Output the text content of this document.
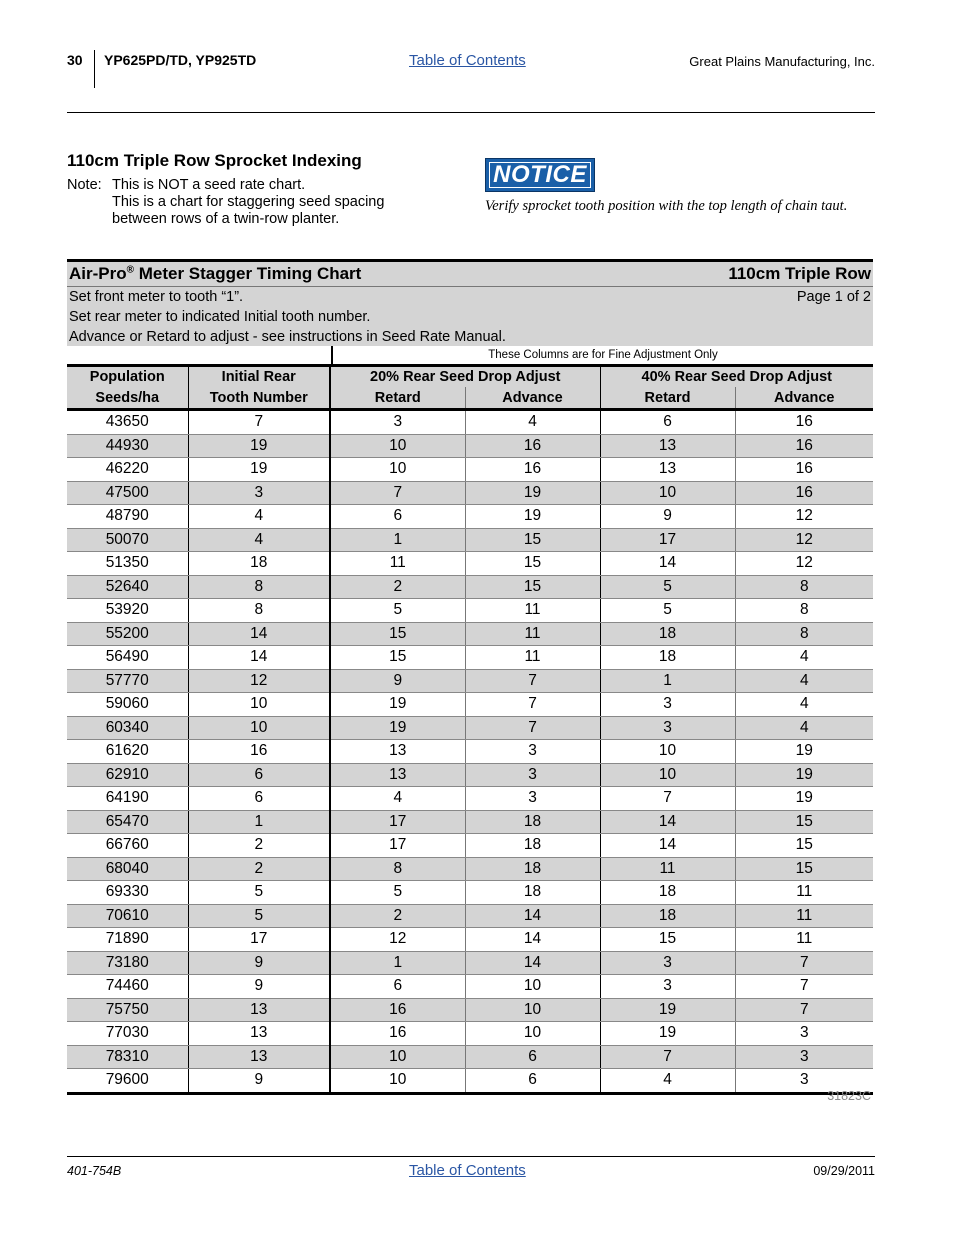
30 YP625PD/TD, YP925TD	Table of Contents	Great Plains Manufacturing, Inc.
110cm Triple Row Sprocket Indexing
Note: This is NOT a seed rate chart.
This is a chart for staggering seed spacing
between rows of a twin-row planter.
NOTICE
Verify sprocket tooth position with the top length of chain taut.
Air-Pro® Meter Stagger Timing Chart	110cm Triple Row
Set front meter to tooth “1”.	Page 1 of 2
Set rear meter to indicated Initial tooth number.
Advance or Retard to adjust - see instructions in Seed Rate Manual.
These Columns are for Fine Adjustment Only
Population	Initial Rear	20% Rear Seed Drop Adjust		40% Rear Seed Drop Adjust	
Seeds/ha	Tooth Number	Retard	Advance	Retard	Advance
43650	7	3	4	6	16
44930	19	10	16	13	16
46220	19	10	16	13	16
47500	3	7	19	10	16
48790	4	6	19	9	12
50070	4	1	15	17	12
51350	18	11	15	14	12
52640	8	2	15	5	8
53920	8	5	11	5	8
55200	14	15	11	18	8
56490	14	15	11	18	4
57770	12	9	7	1	4
59060	10	19	7	3	4
60340	10	19	7	3	4
61620	16	13	3	10	19
62910	6	13	3	10	19
64190	6	4	3	7	19
65470	1	17	18	14	15
66760	2	17	18	14	15
68040	2	8	18	11	15
69330	5	5	18	18	11
70610	5	2	14	18	11
71890	17	12	14	15	11
73180	9	1	14	3	7
74460	9	6	10	3	7
75750	13	16	10	19	7
77030	13	16	10	19	3
78310	13	10	6	7	3
79600	9	10	6	4	3
31823C
401-754B	Table of Contents	09/29/2011
